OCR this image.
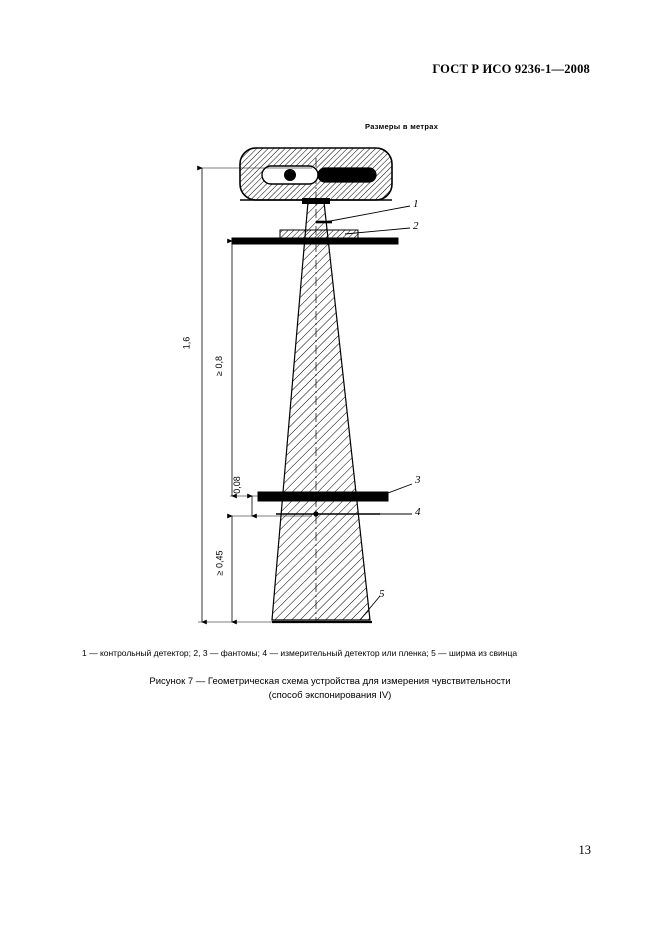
ГОСТ Р ИСО 9236-1—2008
Размеры в метрах
1,6
≥ 0,8
0,08
≥ 0,45
1
2
3
4
5
1 — контрольный детектор; 2, 3 — фантомы; 4 — измерительный детектор или пленка; 5 — ширма из свинца
Рисунок 7 — Геометрическая схема устройства для измерения чувствительности
(способ экспонирования IV)
13
